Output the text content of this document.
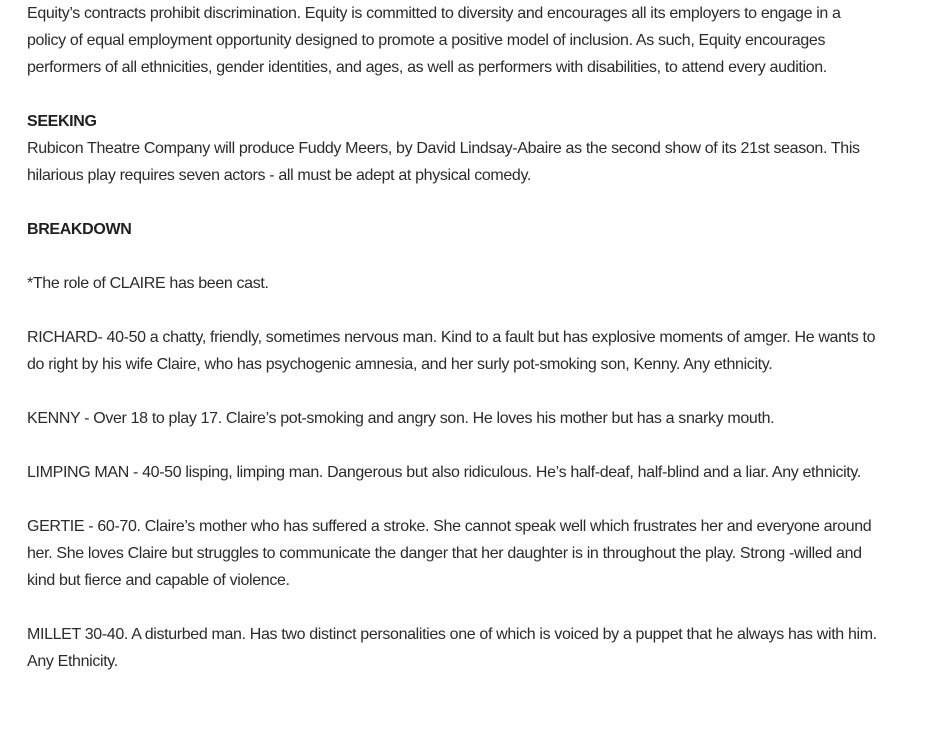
Equity’s contracts prohibit discrimination. Equity is committed to diversity and encourages all its employers to engage in a policy of equal employment opportunity designed to promote a positive model of inclusion. As such, Equity encourages performers of all ethnicities, gender identities, and ages, as well as performers with disabilities, to attend every audition.

SEEKING

Rubicon Theatre Company will produce Fuddy Meers, by David Lindsay-Abaire as the second show of its 21st season. This hilarious play requires seven actors - all must be adept at physical comedy.

BREAKDOWN

*The role of CLAIRE has been cast.

RICHARD- 40-50 a chatty, friendly, sometimes nervous man. Kind to a fault but has explosive moments of amger. He wants to do right by his wife Claire, who has psychogenic amnesia, and her surly pot-smoking son, Kenny. Any ethnicity.

KENNY - Over 18 to play 17. Claire’s pot-smoking and angry son. He loves his mother but has a snarky mouth.

LIMPING MAN - 40-50 lisping, limping man. Dangerous but also ridiculous. He’s half-deaf, half-blind and a liar. Any ethnicity.

GERTIE - 60-70. Claire’s mother who has suffered a stroke. She cannot speak well which frustrates her and everyone around her. She loves Claire but struggles to communicate the danger that her daughter is in throughout the play. Strong -willed and kind but fierce and capable of violence.

MILLET 30-40. A disturbed man. Has two distinct personalities one of which is voiced by a puppet that he always has with him. Any Ethnicity.
